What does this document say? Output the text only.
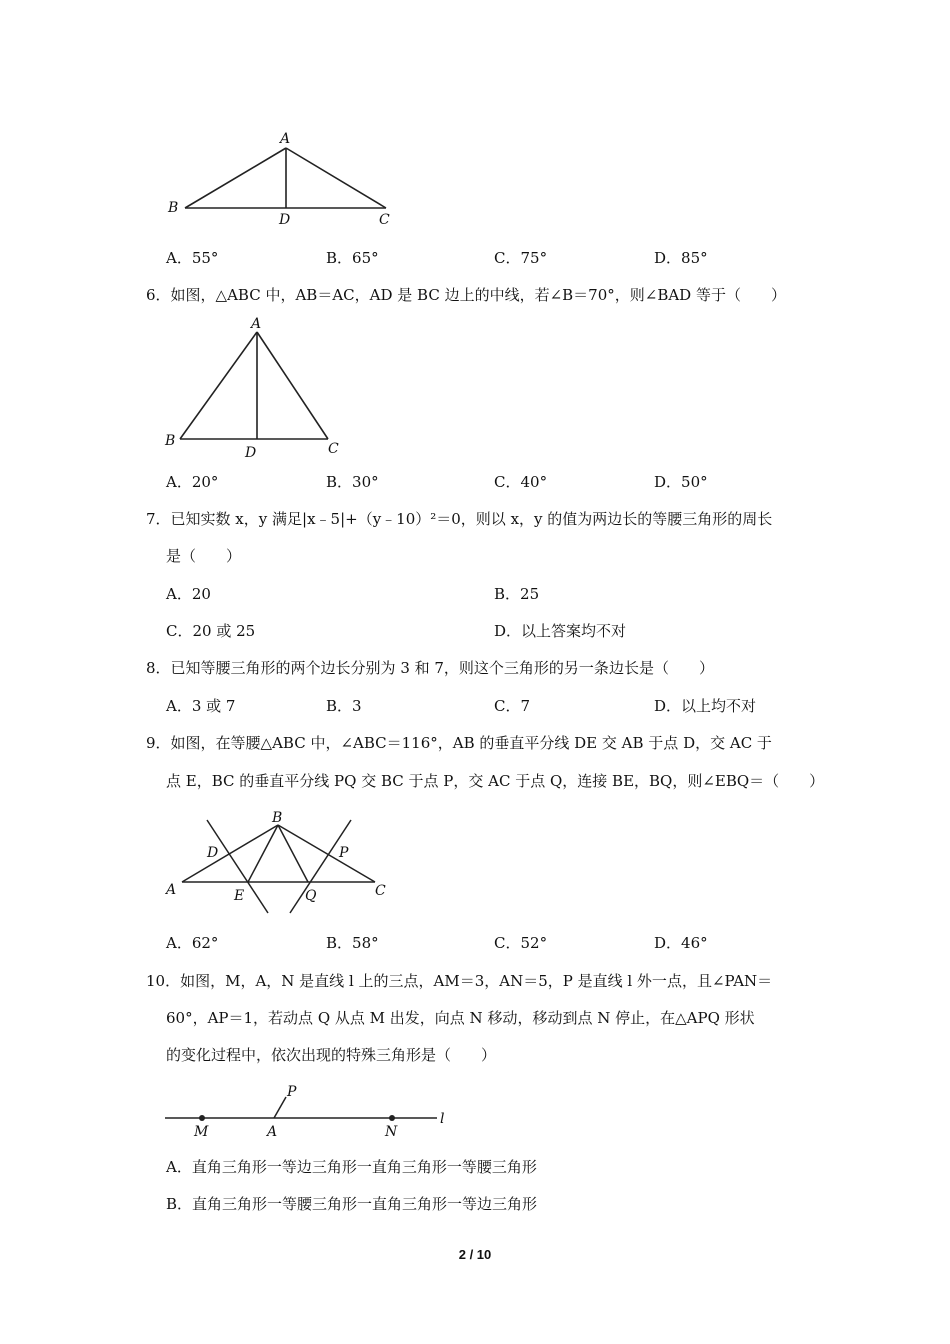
A
B
C
D
A．55°	B．65°	C．75°	D．85°
6．如图，△ABC 中，AB＝AC，AD 是 BC 边上的中线，若∠B＝70°，则∠BAD 等于（　　）
A
B	C
D
A．20°	B．30°	C．40°	D．50°
7．已知实数 x，y 满足|x﹣5|+（y﹣10）²＝0，则以 x，y 的值为两边长的等腰三角形的周长
是（　　）
A．20	B．25
C．20 或 25	D．以上答案均不对
8．已知等腰三角形的两个边长分别为 3 和 7，则这个三角形的另一条边长是（　　）
A．3 或 7	B．3	C．7	D．以上均不对
9．如图，在等腰△ABC 中，∠ABC＝116°，AB 的垂直平分线 DE 交 AB 于点 D，交 AC 于
点 E，BC 的垂直平分线 PQ 交 BC 于点 P，交 AC 于点 Q，连接 BE，BQ，则∠EBQ＝（　　）
A
B
C
D
E
P
Q
A．62°	B．58°	C．52°	D．46°
10．如图，M，A，N 是直线 l 上的三点，AM＝3，AN＝5，P 是直线 l 外一点，且∠PAN＝
60°，AP＝1，若动点 Q 从点 M 出发，向点 N 移动，移动到点 N 停止，在△APQ 形状
的变化过程中，依次出现的特殊三角形是（　　）
P
M	A	N
l
A．直角三角形一等边三角形一直角三角形一等腰三角形
B．直角三角形一等腰三角形一直角三角形一等边三角形
2 / 10
